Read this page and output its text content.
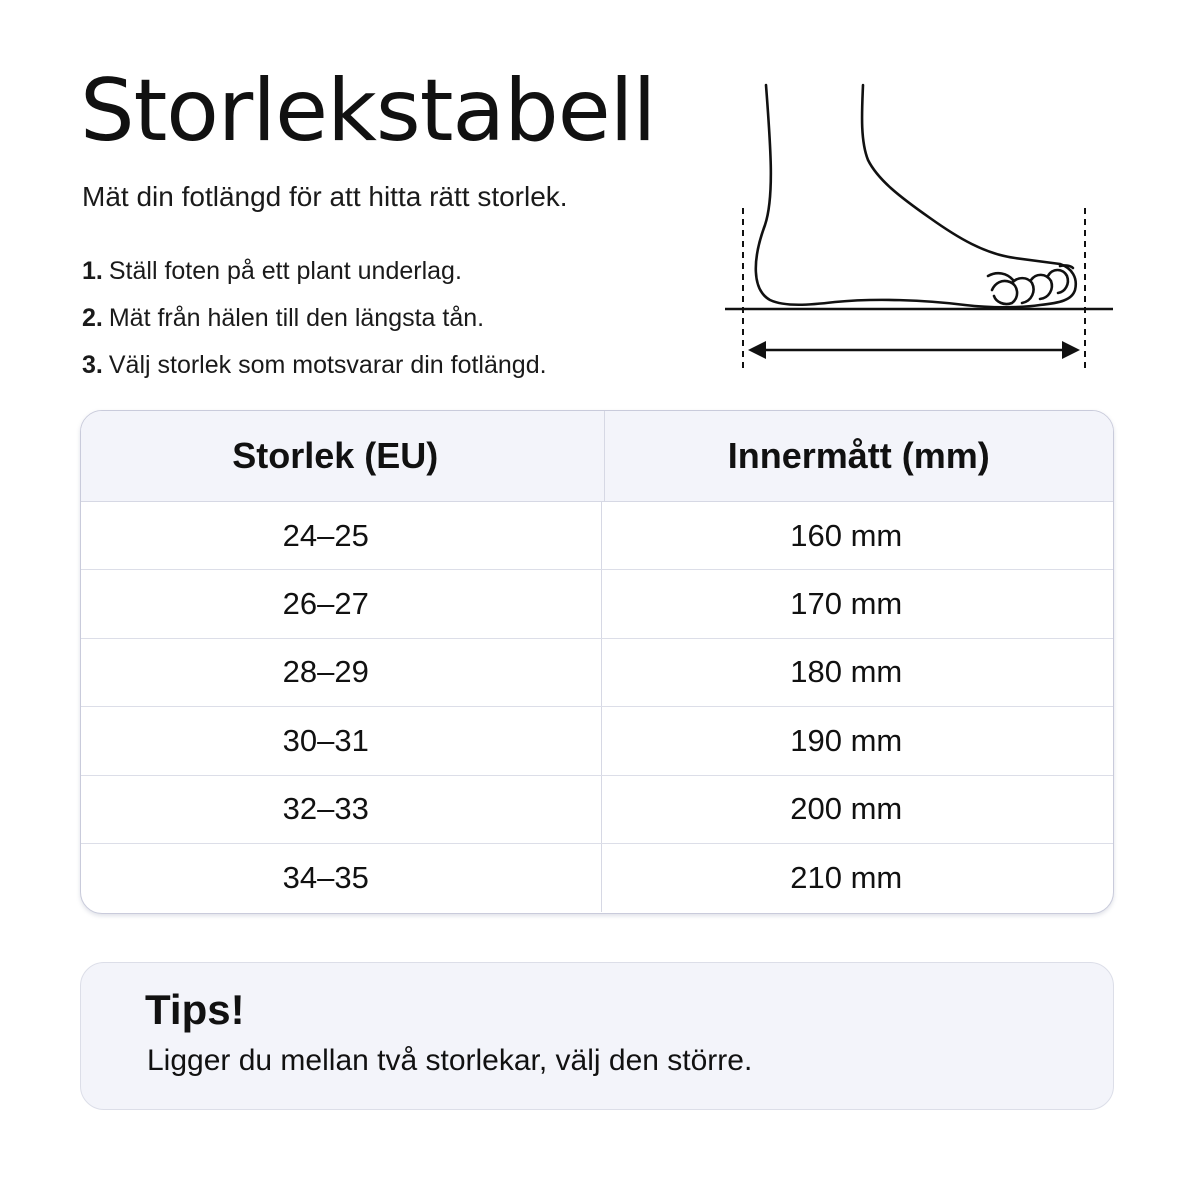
Storlekstabell
Mät din fotlängd för att hitta rätt storlek.
1. Ställ foten på ett plant underlag.
2. Mät från hälen till den längsta tån.
3. Välj storlek som motsvarar din fotlängd.
Storlek (EU)	Innermått (mm)
24–25	160 mm
26–27	170 mm
28–29	180 mm
30–31	190 mm
32–33	200 mm
34–35	210 mm
Tips!
Ligger du mellan två storlekar, välj den större.
